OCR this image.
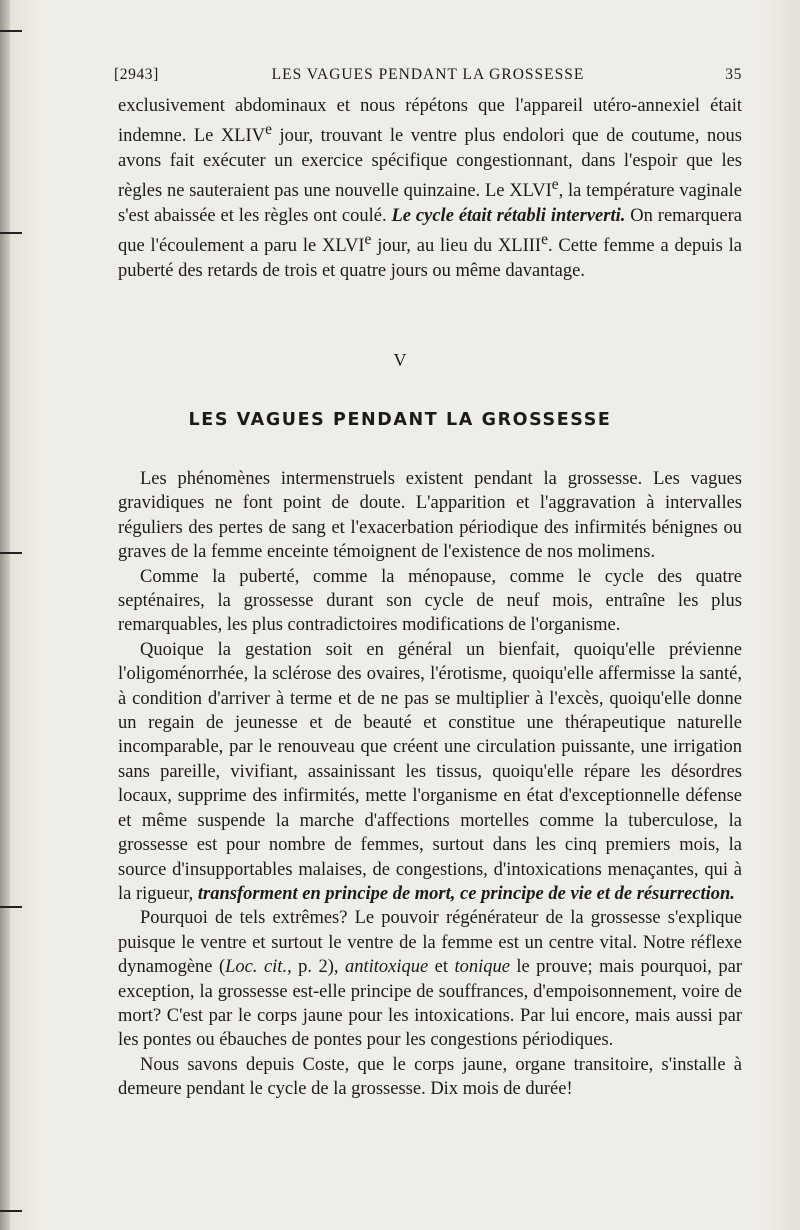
[2943]	LES VAGUES PENDANT LA GROSSESSE	35

exclusivement abdominaux et nous répétons que l'appareil utéro-annexiel était indemne. Le XLIVe jour, trouvant le ventre plus endolori que de coutume, nous avons fait exécuter un exercice spécifique congestionnant, dans l'espoir que les règles ne sauteraient pas une nouvelle quinzaine. Le XLVIe, la température vaginale s'est abaissée et les règles ont coulé. Le cycle était rétabli interverti. On remarquera que l'écoulement a paru le XLVIe jour, au lieu du XLIIIe. Cette femme a depuis la puberté des retards de trois et quatre jours ou même davantage.

V
LES VAGUES PENDANT LA GROSSESSE

Les phénomènes intermenstruels existent pendant la grossesse. Les vagues gravidiques ne font point de doute. L'apparition et l'aggravation à intervalles réguliers des pertes de sang et l'exacerbation périodique des infirmités bénignes ou graves de la femme enceinte témoignent de l'existence de nos molimens.

Comme la puberté, comme la ménopause, comme le cycle des quatre septénaires, la grossesse durant son cycle de neuf mois, entraîne les plus remarquables, les plus contradictoires modifications de l'organisme.

Quoique la gestation soit en général un bienfait, quoiqu'elle prévienne l'oligoménorrhée, la sclérose des ovaires, l'érotisme, quoiqu'elle affermisse la santé, à condition d'arriver à terme et de ne pas se multiplier à l'excès, quoiqu'elle donne un regain de jeunesse et de beauté et constitue une thérapeutique naturelle incomparable, par le renouveau que créent une circulation puissante, une irrigation sans pareille, vivifiant, assainissant les tissus, quoiqu'elle répare les désordres locaux, supprime des infirmités, mette l'organisme en état d'exceptionnelle défense et même suspende la marche d'affections mortelles comme la tuberculose, la grossesse est pour nombre de femmes, surtout dans les cinq premiers mois, la source d'insupportables malaises, de congestions, d'intoxications menaçantes, qui à la rigueur, transforment en principe de mort, ce principe de vie et de résurrection.

Pourquoi de tels extrêmes? Le pouvoir régénérateur de la grossesse s'explique puisque le ventre et surtout le ventre de la femme est un centre vital. Notre réflexe dynamogène (Loc. cit., p. 2), antitoxique et tonique le prouve; mais pourquoi, par exception, la grossesse est-elle principe de souffrances, d'empoisonnement, voire de mort? C'est par le corps jaune pour les intoxications. Par lui encore, mais aussi par les pontes ou ébauches de pontes pour les congestions périodiques.

Nous savons depuis Coste, que le corps jaune, organe transitoire, s'installe à demeure pendant le cycle de la grossesse. Dix mois de durée!
